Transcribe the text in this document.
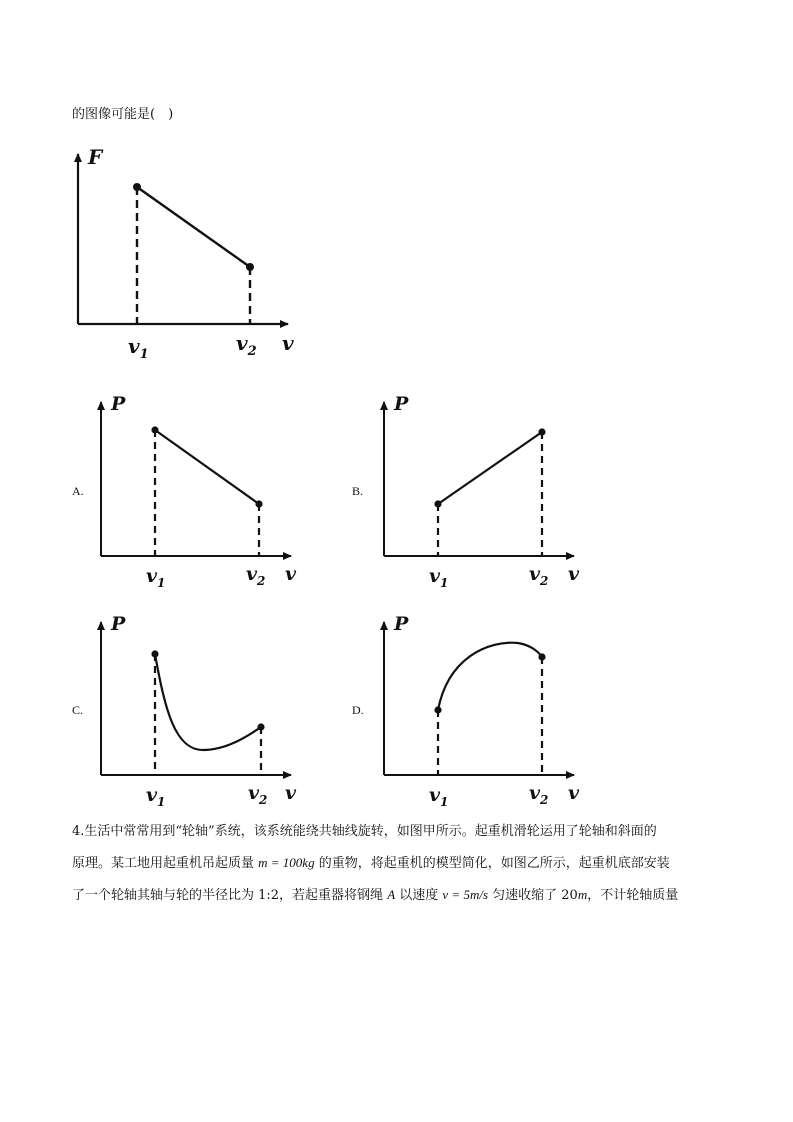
的图像可能是(　)
F
$v_1$	$v_2$ v
A.
P
$v_1$	$v_2$ v
B.
P
$v_1$	$v_2$ v
C.
P
$v_1$	$v_2$ v
D.
P
$v_1$	$v_2$ v
4.生活中常常用到“轮轴”系统，该系统能绕共轴线旋转，如图甲所示。起重机滑轮运用了轮轴和斜面的
原理。某工地用起重机吊起质量 m = 100kg 的重物，将起重机的模型简化，如图乙所示，起重机底部安装
了一个轮轴其轴与轮的半径比为 1:2，若起重器将钢绳 A 以速度 v = 5m/s 匀速收缩了 20m，不计轮轴质量
